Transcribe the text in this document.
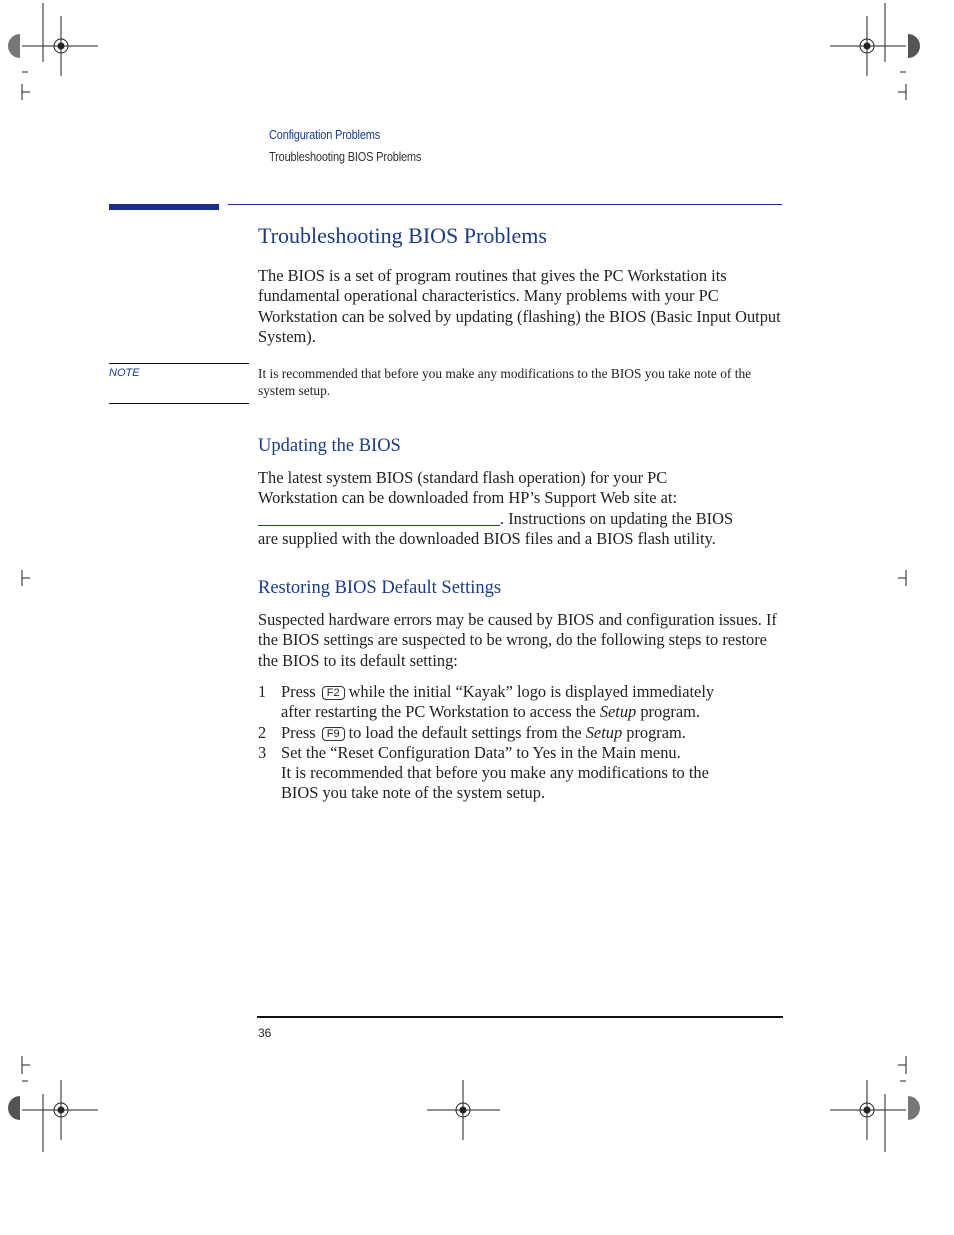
Configuration Problems
Troubleshooting BIOS Problems
Troubleshooting BIOS Problems
The BIOS is a set of program routines that gives the PC Workstation its fundamental operational characteristics. Many problems with your PC Workstation can be solved by updating (flashing) the BIOS (Basic Input Output System).
NOTE	It is recommended that before you make any modifications to the BIOS you take note of the system setup.
Updating the BIOS
The latest system BIOS (standard flash operation) for your PC
Workstation can be downloaded from HP’s Support Web site at:
. Instructions on updating the BIOS
are supplied with the downloaded BIOS files and a BIOS flash utility.
Restoring BIOS Default Settings
Suspected hardware errors may be caused by BIOS and configuration issues. If the BIOS settings are suspected to be wrong, do the following steps to restore the BIOS to its default setting:
1 Press F2 while the initial “Kayak” logo is displayed immediately
after restarting the PC Workstation to access the Setup program.
2 Press F9 to load the default settings from the Setup program.
3 Set the “Reset Configuration Data” to Yes in the Main menu.
It is recommended that before you make any modifications to the
BIOS you take note of the system setup.
36
